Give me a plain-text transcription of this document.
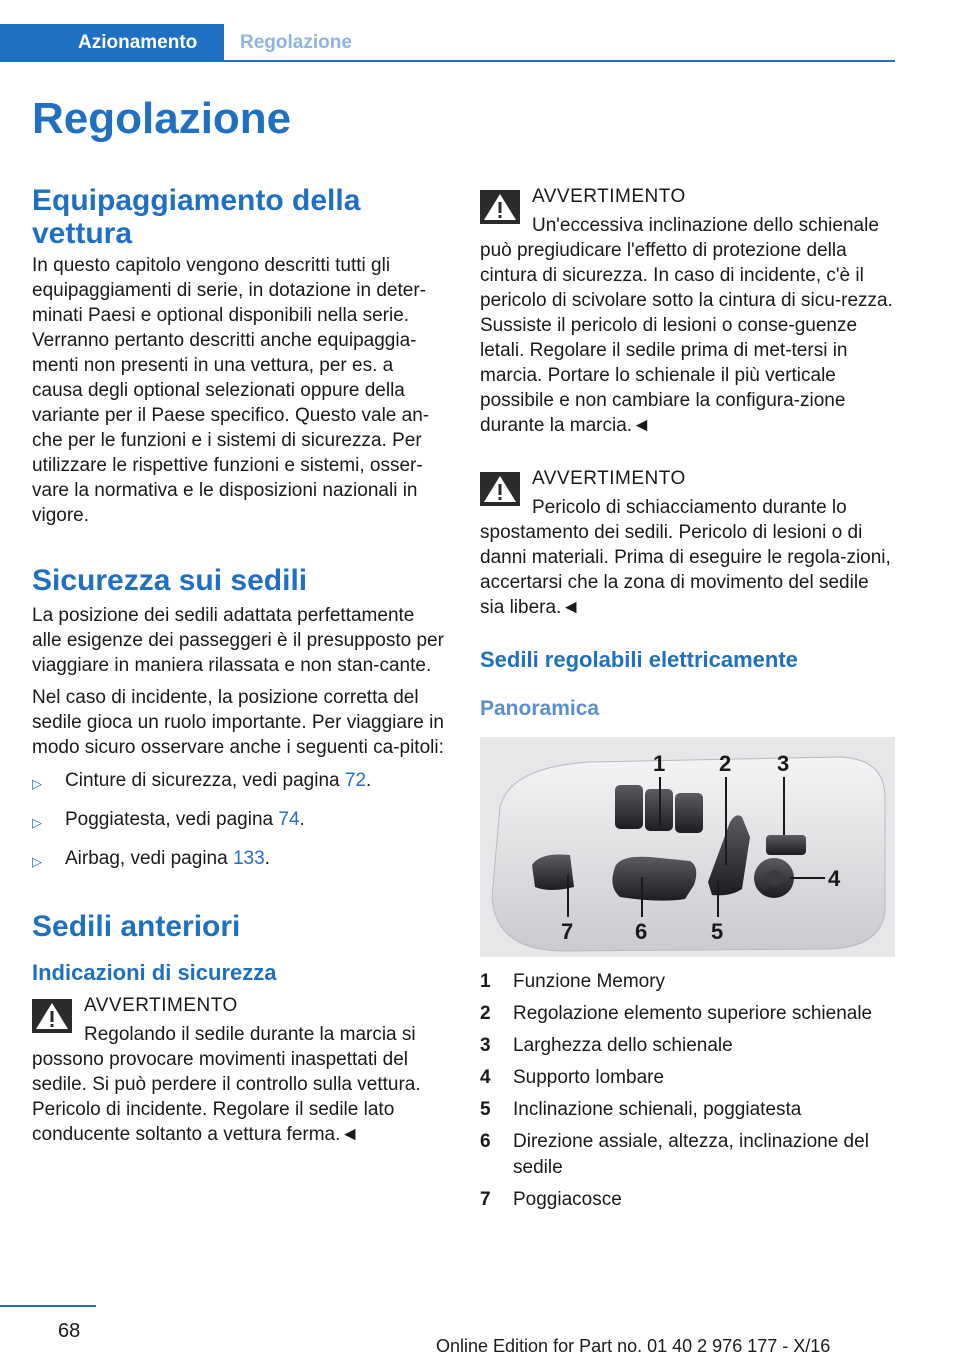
Azionamento	Regolazione
Regolazione
Equipaggiamento della vettura

In questo capitolo vengono descritti tutti gli equipaggiamenti di serie, in dotazione in deter-minati Paesi e optional disponibili nella serie. Verranno pertanto descritti anche equipaggia-menti non presenti in una vettura, per es. a causa degli optional selezionati oppure della variante per il Paese specifico. Questo vale an-che per le funzioni e i sistemi di sicurezza. Per utilizzare le rispettive funzioni e sistemi, osser-vare la normativa e le disposizioni nazionali in vigore.

Sicurezza sui sedili

La posizione dei sedili adattata perfettamente alle esigenze dei passeggeri è il presupposto per viaggiare in maniera rilassata e non stan-cante.

Nel caso di incidente, la posizione corretta del sedile gioca un ruolo importante. Per viaggiare in modo sicuro osservare anche i seguenti ca-pitoli:

▷	Cinture di sicurezza, vedi pagina 72.
▷	Poggiatesta, vedi pagina 74.
▷	Airbag, vedi pagina 133.
Sedili anteriori
Indicazioni di sicurezza
AVVERTIMENTO
Regolando il sedile durante la marcia si possono provocare movimenti inaspettati del sedile. Si può perdere il controllo sulla vettura. Pericolo di incidente. Regolare il sedile lato conducente soltanto a vettura ferma.◄
AVVERTIMENTO
Un'eccessiva inclinazione dello schienale può pregiudicare l'effetto di protezione della cintura di sicurezza. In caso di incidente, c'è il pericolo di scivolare sotto la cintura di sicu-rezza. Sussiste il pericolo di lesioni o conse-guenze letali. Regolare il sedile prima di met-tersi in marcia. Portare lo schienale il più verticale possibile e non cambiare la configura-zione durante la marcia.◄
AVVERTIMENTO
Pericolo di schiacciamento durante lo spostamento dei sedili. Pericolo di lesioni o di danni materiali. Prima di eseguire le regola-zioni, accertarsi che la zona di movimento del sedile sia libera.◄
Sedili regolabili elettricamente
Panoramica
1 2 3
4
5
6
7
1	Funzione Memory
2	Regolazione elemento superiore schienale
3	Larghezza dello schienale
4	Supporto lombare
5	Inclinazione schienali, poggiatesta
6	Direzione assiale, altezza, inclinazione del sedile
7	Poggiacosce
68
Online Edition for Part no. 01 40 2 976 177 - X/16
